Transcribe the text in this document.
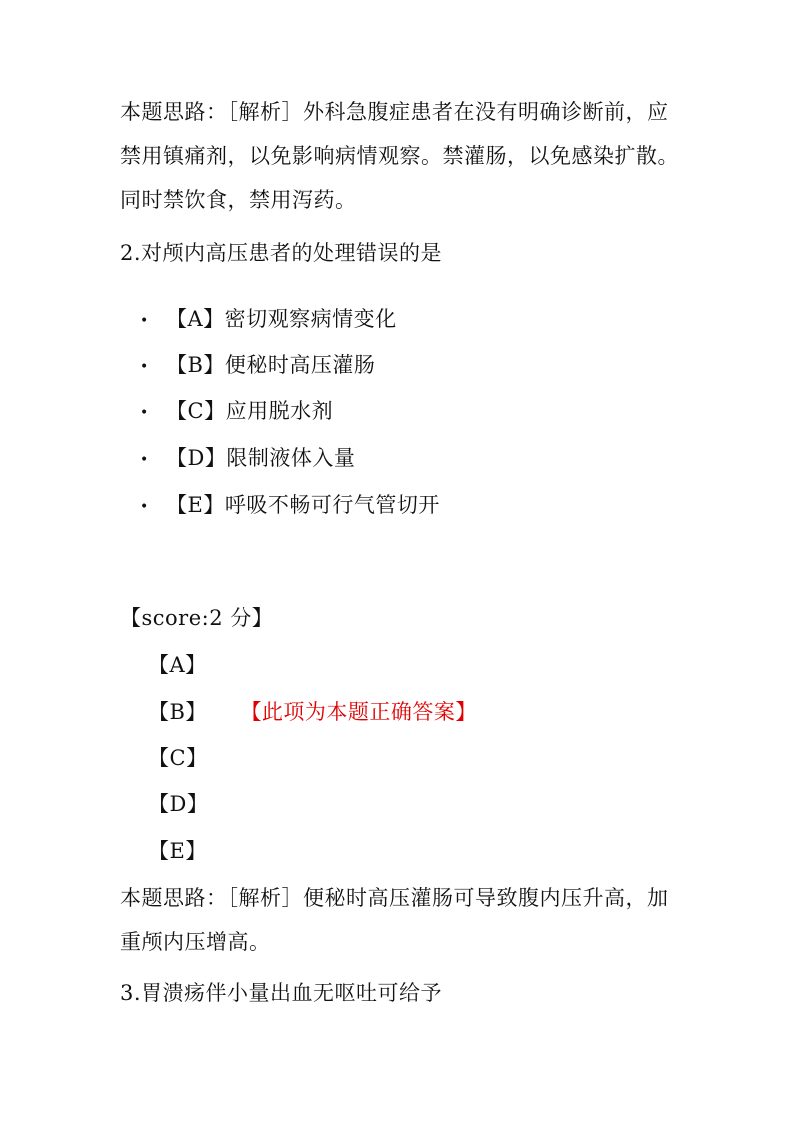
本题思路：［解析］外科急腹症患者在没有明确诊断前，应禁用镇痛剂，以免影响病情观察。禁灌肠，以免感染扩散。同时禁饮食，禁用泻药。
2.对颅内高压患者的处理错误的是
• 【A】密切观察病情变化
• 【B】便秘时高压灌肠
• 【C】应用脱水剂
• 【D】限制液体入量
• 【E】呼吸不畅可行气管切开
【score:2 分】
【A】
【B】 【此项为本题正确答案】
【C】
【D】
【E】
本题思路：［解析］便秘时高压灌肠可导致腹内压升高，加重颅内压增高。
3.胃溃疡伴小量出血无呕吐可给予
